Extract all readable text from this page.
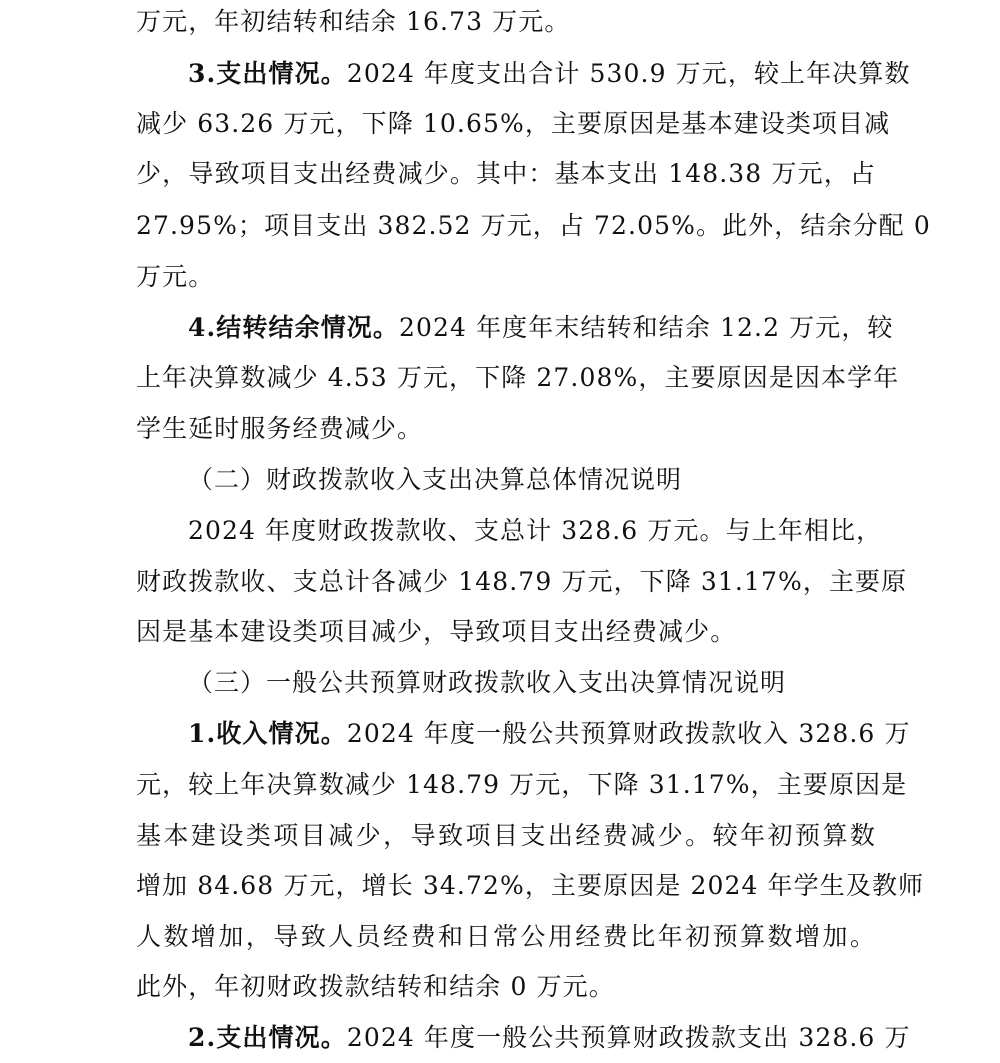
万元，年初结转和结余 16.73 万元。
3.支出情况。2024 年度支出合计 530.9 万元，较上年决算数
减少 63.26 万元，下降 10.65%，主要原因是基本建设类项目减
少，导致项目支出经费减少。其中：基本支出 148.38 万元，占
27.95%；项目支出 382.52 万元，占 72.05%。此外，结余分配 0
万元。
4.结转结余情况。2024 年度年末结转和结余 12.2 万元，较
上年决算数减少 4.53 万元，下降 27.08%，主要原因是因本学年
学生延时服务经费减少。
（二）财政拨款收入支出决算总体情况说明
2024 年度财政拨款收、支总计 328.6 万元。与上年相比，
财政拨款收、支总计各减少 148.79 万元，下降 31.17%，主要原
因是基本建设类项目减少，导致项目支出经费减少。
（三）一般公共预算财政拨款收入支出决算情况说明
1.收入情况。2024 年度一般公共预算财政拨款收入 328.6 万
元，较上年决算数减少 148.79 万元，下降 31.17%，主要原因是
基本建设类项目减少，导致项目支出经费减少。较年初预算数
增加 84.68 万元，增长 34.72%，主要原因是 2024 年学生及教师
人数增加，导致人员经费和日常公用经费比年初预算数增加。
此外，年初财政拨款结转和结余 0 万元。
2.支出情况。2024 年度一般公共预算财政拨款支出 328.6 万
